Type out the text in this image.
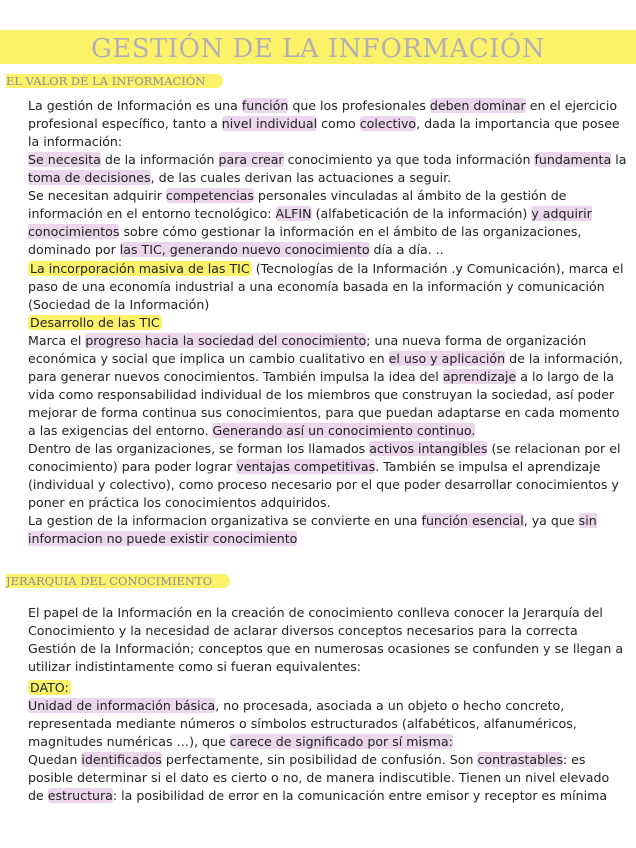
GESTIÓN DE LA INFORMACIÓN
EL VALOR DE LA INFORMACIÓN

La gestión de Información es una función que los profesionales deben dominar en el ejercicio profesional específico, tanto a nivel individual como colectivo, dada la importancia que posee la información:

Se necesita de la información para crear conocimiento ya que toda información fundamenta la toma de decisiones, de las cuales derivan las actuaciones a seguir.

Se necesitan adquirir competencias personales vinculadas al ámbito de la gestión de información en el entorno tecnológico: ALFIN (alfabeticación de la información) y adquirir conocimientos sobre cómo gestionar la información en el ámbito de las organizaciones, dominado por las TIC, generando nuevo conocimiento día a día. ..

La incorporación masiva de las TIC (Tecnologías de la Información .y Comunicación), marca el paso de una economía industrial a una economía basada en la información y comunicación (Sociedad de la Información)

Desarrollo de las TIC

Marca el progreso hacia la sociedad del conocimiento; una nueva forma de organización económica y social que implica un cambio cualitativo en el uso y aplicación de la información, para generar nuevos conocimientos. También impulsa la idea del aprendizaje a lo largo de la vida como responsabilidad individual de los miembros que construyan la sociedad, así poder mejorar de forma continua sus conocimientos, para que puedan adaptarse en cada momento a las exigencias del entorno. Generando así un conocimiento continuo.

Dentro de las organizaciones, se forman los llamados activos intangibles (se relacionan por el conocimiento) para poder lograr ventajas competitivas. También se impulsa el aprendizaje (individual y colectivo), como proceso necesario por el que poder desarrollar conocimientos y poner en práctica los conocimientos adquiridos.

La gestion de la informacion organizativa se convierte en una función esencial, ya que sin informacion no puede existir conocimiento

JERARQUIA DEL CONOCIMIENTO

El papel de la Información en la creación de conocimiento conlleva conocer la Jerarquía del Conocimiento y la necesidad de aclarar diversos conceptos necesarios para la correcta Gestión de la Información; conceptos que en numerosas ocasiones se confunden y se llegan a utilizar indistintamente como si fueran equivalentes:

DATO:

Unidad de información básica, no procesada, asociada a un objeto o hecho concreto, representada mediante números o símbolos estructurados (alfabéticos, alfanuméricos, magnitudes numéricas …), que carece de significado por sí misma:

Quedan identificados perfectamente, sin posibilidad de confusión. Son contrastables: es posible determinar si el dato es cierto o no, de manera indiscutible. Tienen un nivel elevado de estructura: la posibilidad de error en la comunicación entre emisor y receptor es mínima
